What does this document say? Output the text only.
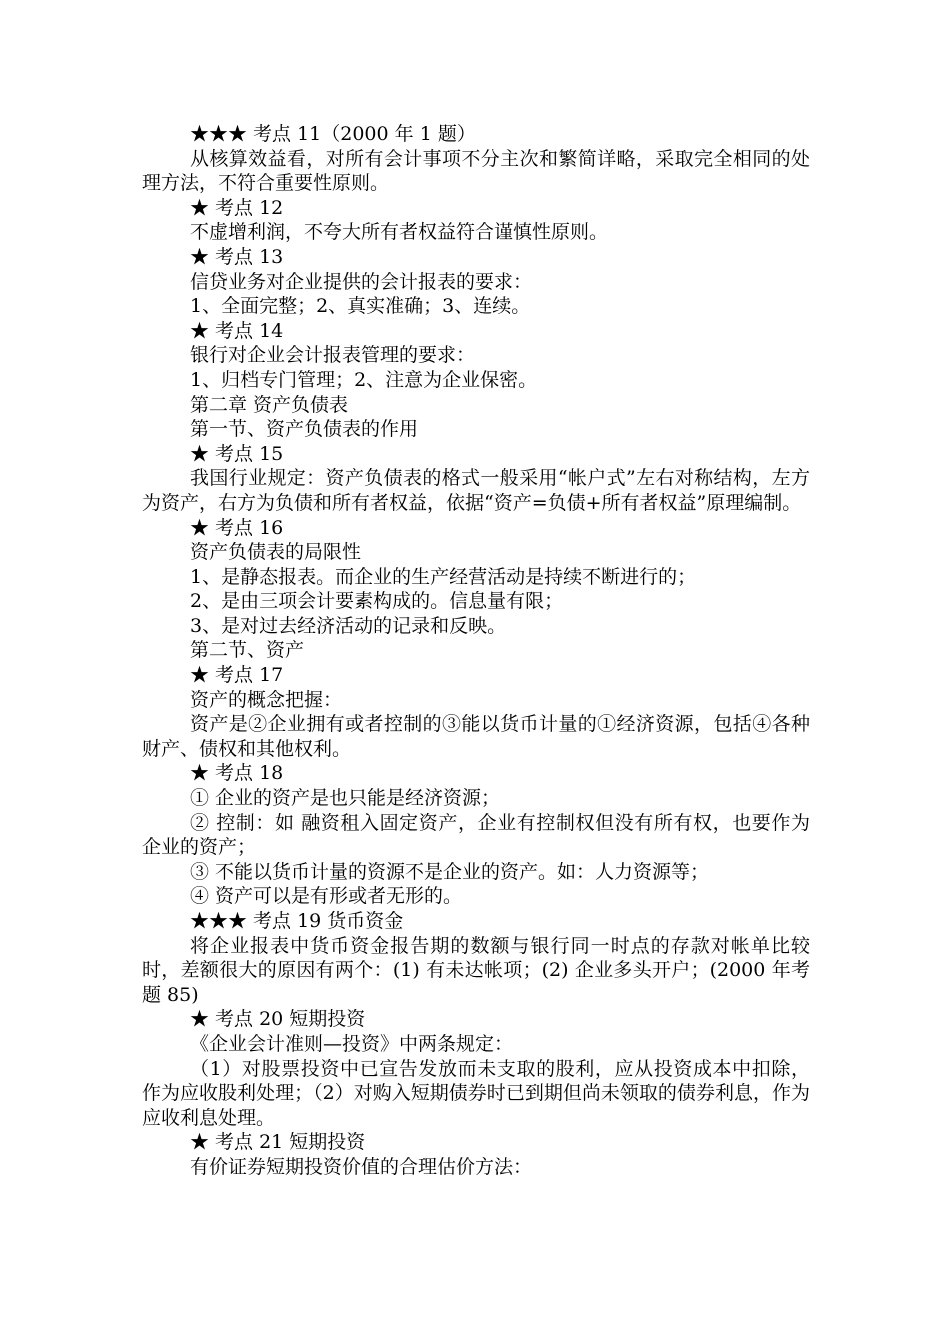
★★★ 考点 11（2000 年 1 题）

从核算效益看，对所有会计事项不分主次和繁简详略，采取完全相同的处理方法，不符合重要性原则。

★ 考点 12

不虚增利润，不夸大所有者权益符合谨慎性原则。

★ 考点 13

信贷业务对企业提供的会计报表的要求：

1、全面完整；2、真实准确；3、连续。

★ 考点 14

银行对企业会计报表管理的要求：

1、归档专门管理；2、注意为企业保密。

第二章 资产负债表

第一节、资产负债表的作用

★ 考点 15

我国行业规定：资产负债表的格式一般采用“帐户式”左右对称结构，左方为资产，右方为负债和所有者权益，依据“资产=负债+所有者权益”原理编制。

★ 考点 16

资产负债表的局限性

1、是静态报表。而企业的生产经营活动是持续不断进行的；

2、是由三项会计要素构成的。信息量有限；

3、是对过去经济活动的记录和反映。

第二节、资产

★ 考点 17

资产的概念把握：

资产是②企业拥有或者控制的③能以货币计量的①经济资源，包括④各种财产、债权和其他权利。

★ 考点 18

① 企业的资产是也只能是经济资源；

② 控制：如 融资租入固定资产，企业有控制权但没有所有权，也要作为企业的资产；

③ 不能以货币计量的资源不是企业的资产。如：人力资源等；

④ 资产可以是有形或者无形的。

★★★ 考点 19 货币资金

将企业报表中货币资金报告期的数额与银行同一时点的存款对帐单比较时，差额很大的原因有两个：(1) 有未达帐项；(2) 企业多头开户；(2000 年考题 85)

★ 考点 20 短期投资

《企业会计准则—投资》中两条规定：

（1）对股票投资中已宣告发放而未支取的股利，应从投资成本中扣除，作为应收股利处理；（2）对购入短期债券时已到期但尚未领取的债券利息，作为应收利息处理。

★ 考点 21 短期投资

有价证券短期投资价值的合理估价方法：
